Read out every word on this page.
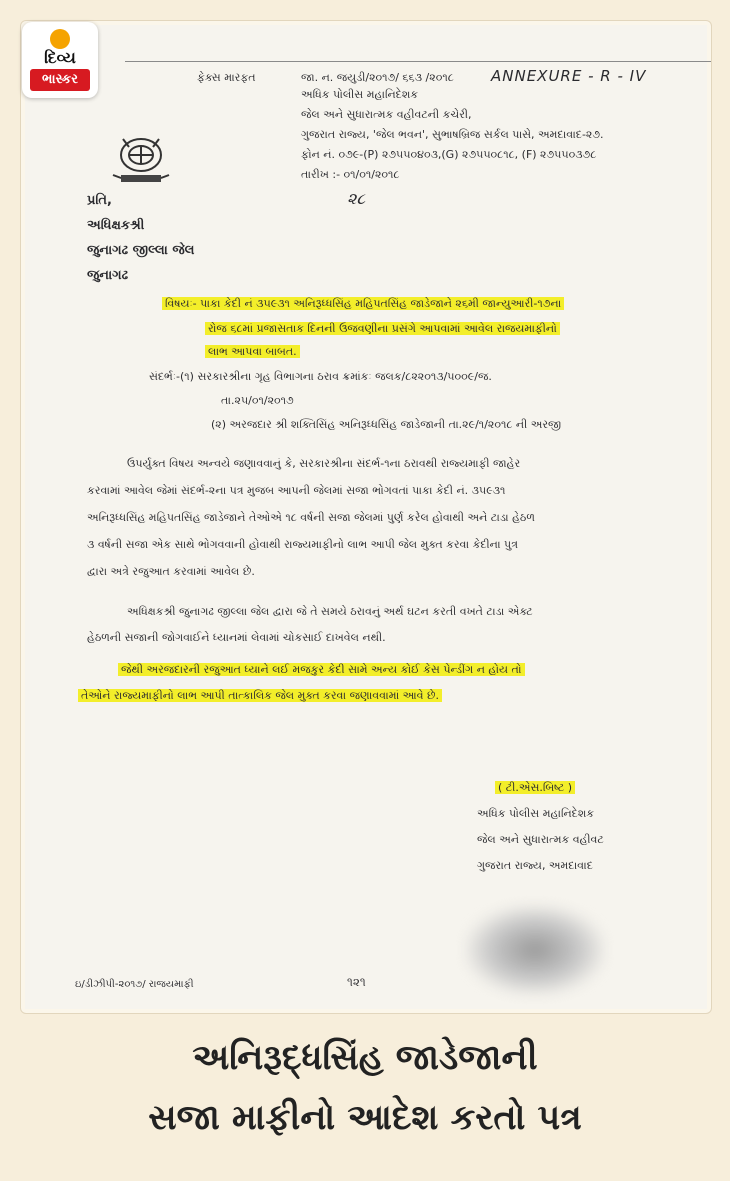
ફેક્સ મારફત	જા. ન. જયુડી/૨૦૧૭/ ૬૬૩ /૨૦૧૮ ANNEXURE - R - IV
અધિક પોલીસ મહાનિદેશક
જેલ અને સુધારાત્મક વહીવટની કચેરી,
ગુજરાત રાજ્ય, 'જેલ ભવન', સુભાષબ્રિજ સર્કલ પાસે, અમદાવાદ-૨૭.
ફોન નં. ૦૭૯-(P) ૨૭૫૫૦૪૦૩,(G) ૨૭૫૫૦૮૧૮, (F) ૨૭૫૫૦૩૭૮
તારીખ :- ૦૧/૦૧/૨૦૧૮
૨૮
પ્રતિ,
અધિક્ષકશ્રી
જુનાગઢ જીલ્લા જેલ
જુનાગઢ
વિષયઃ- પાકા કેદી નં ૩૫૯૩૧ અનિરૂધ્ધસિંહ મહિપતસિંહ જાડેજાને ૨૬મી જાન્યુઆરી-૧૭ના
રોજ ૬૮માં પ્રજાસતાક દિનની ઉજવણીના પ્રસંગે આપવામાં આવેલ રાજયમાફીનો
લાભ આપવા બાબત.
સંદર્ભઃ-(૧) સરકારશ્રીના ગૃહ વિભાગના ઠરાવ ક્રમાંકઃ જલક/૮૨૨૦૧૩/૫૦૦૯/જ.
તા.૨૫/૦૧/૨૦૧૭
(૨) અરજદાર શ્રી શક્તિસિંહ અનિરૂધ્ધસિંહ જાડેજાની તા.૨૯/૧/૨૦૧૮ ની અરજી
ઉપર્યુક્ત વિષય અન્વયે જણાવવાનું કે, સરકારશ્રીના સંદર્ભ-૧ના ઠરાવથી રાજ્યમાફી જાહેર
કરવામાં આવેલ જેમાં સંદર્ભ-૨ના પત્ર મુજબ આપની જેલમાં સજા ભોગવતાં પાકા કેદી નં. ૩૫૯૩૧
અનિરૂધ્ધસિંહ મહિપતસિંહ જાડેજાને તેઓએ ૧૮ વર્ષની સજા જેલમાં પુર્ણ કરેલ હોવાથી અને ટાડા હેઠળ
૩ વર્ષની સજા એક સાથે ભોગવવાની હોવાથી રાજ્યમાફીનો લાભ આપી જેલ મુક્ત કરવા કેદીના પુત્ર
દ્વારા અત્રે રજુઆત કરવામાં આવેલ છે.
અધિક્ષકશ્રી જુનાગઢ જીલ્લા જેલ દ્વારા જે તે સમયે ઠરાવનું અર્થ ઘટન કરતી વખતે ટાડા એક્ટ
હેઠળની સજાની જોગવાઈને ધ્યાનમાં લેવામાં ચોકસાઈ દાખવેલ નથી.
જેથી અરજદારની રજુઆત ધ્યાને લઈ મજકુર કેદી સામે અન્ય કોઈ કેસ પેન્ડીંગ ન હોય તો
તેઓને રાજ્યમાફીનો લાભ આપી તાત્કાલિક જેલ મુક્ત કરવા જણાવવામાં આવે છે.
( ટી.એસ.બિષ્ટ )
અધિક પોલીસ મહાનિદેશક
જેલ અને સુધારાત્મક વહીવટ
ગુજરાત રાજ્ય, અમદાવાદ
ઇ/ડીઝીપી-૨૦૧૭/ રાજયમાફી	૧૨૧
દિવ્ય
ભાસ્કર
અનિરૂદ્ધસિંહ જાડેજાની
સજા માફીનો આદેશ કરતો પત્ર
